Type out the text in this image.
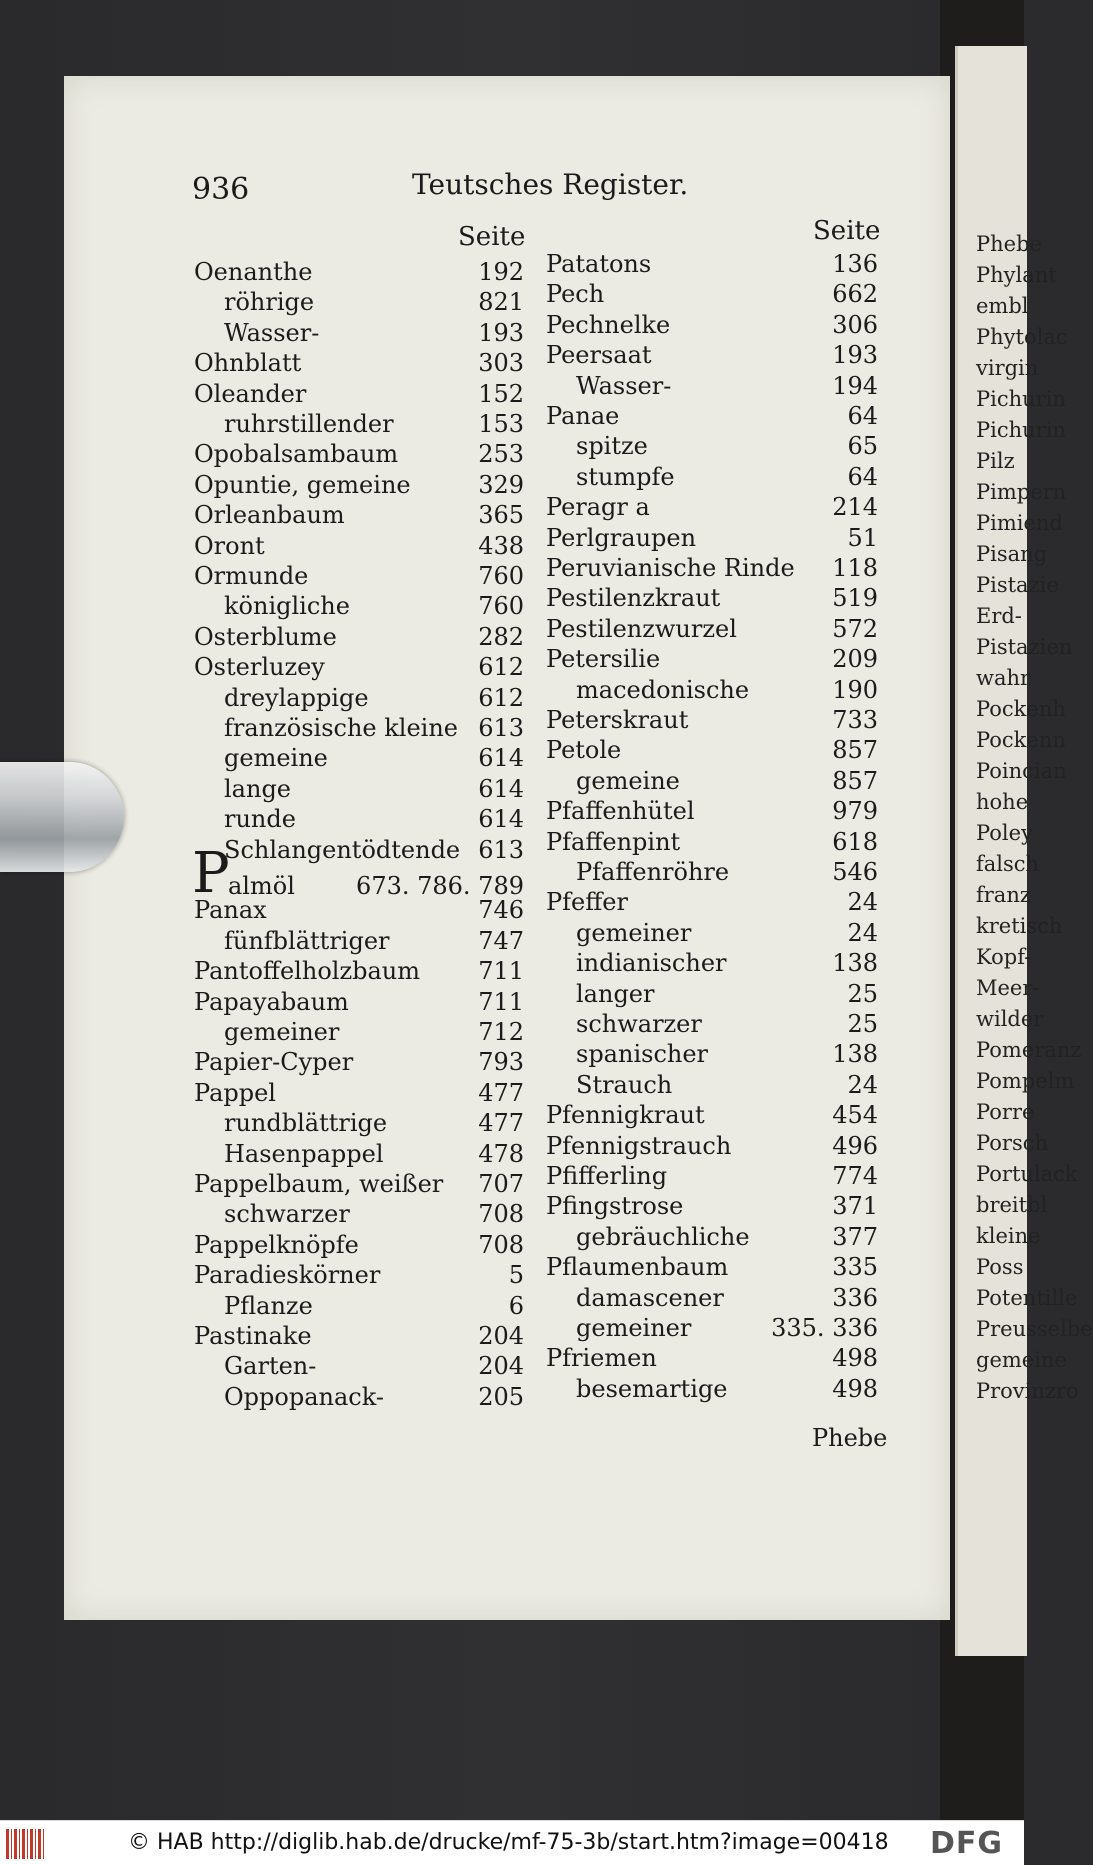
Phebe
Phylant
embl
Phytolac
virgin
Pichurin
Pichurin
Pilz
Pimpern
Pimiend
Pisang
Pistazie
Erd-
Pistazien
wahr
Pockenh
Pockenn
Poincian
hohe
Poley
falsch
franz
kretisch
Kopf-
Meer-
wilder
Pomeranz
Pompelm
Porre
Porsch
Portulack
breitbl
kleine
Poss
Potentille
Preusselbe
gemeine
Provinzro
936	Teutsches Register.
Seite	Seite
Oenanthe	192
röhrige	821
Wasser-	193
Ohnblatt	303
Oleander	152
ruhrstillender	153
Opobalsambaum	253
Opuntie, gemeine	329
Orleanbaum	365
Oront	438
Ormunde	760
königliche	760
Osterblume	282
Osterluzey	612
dreylappige	612
französische kleine 613
gemeine	614
lange	614
runde	614
Schlangentödtende 613
P
almöl	673. 786. 789
Panax	746
fünfblättriger	747
Pantoffelholzbaum 711
Papayabaum	711
gemeiner	712
Papier-Cyper	793
Pappel	477
rundblättrige	477
Hasenpappel	478
Pappelbaum, weißer 707
schwarzer	708
Pappelknöpfe	708
Paradieskörner	5
Pflanze	6
Pastinake	204
Garten-	204
Oppopanack-	205
Patatons	136
Pech	662
Pechnelke	306
Peersaat	193
Wasser-	194
Panae	64
spitze	65
stumpfe	64
Peragr a	214
Perlgraupen	51
Peruvianische Rinde 118
Pestilenzkraut	519
Pestilenzwurzel	572
Petersilie	209
macedonische	190
Peterskraut	733
Petole	857
gemeine	857
Pfaffenhütel	979
Pfaffenpint	618
Pfaffenröhre	546
Pfeffer	24
gemeiner	24
indianischer	138
langer	25
schwarzer	25
spanischer	138
Strauch	24
Pfennigkraut	454
Pfennigstrauch	496
Pfifferling	774
Pfingstrose	371
gebräuchliche	377
Pflaumenbaum	335
damascener	336
gemeiner	335. 336
Pfriemen	498
besemartige	498
Phebe
© HAB http://diglib.hab.de/drucke/mf-75-3b/start.htm?image=00418 DFG
